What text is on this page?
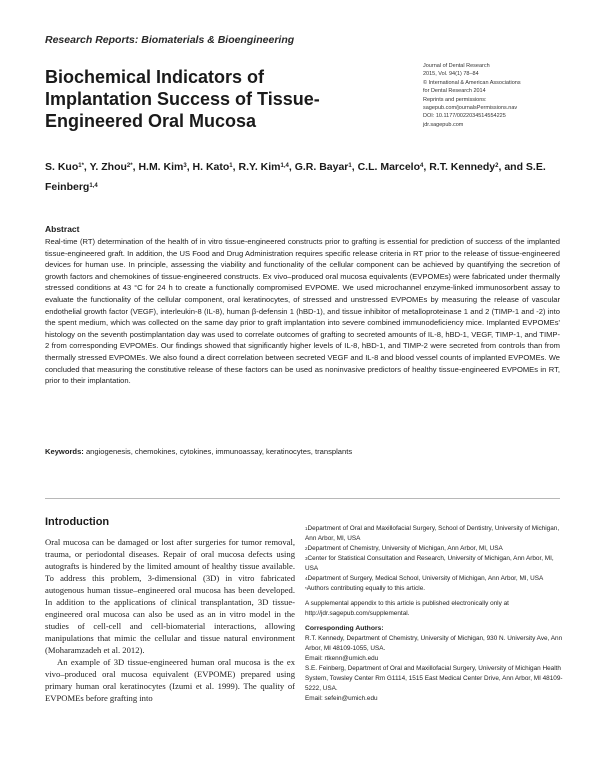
Research Reports: Biomaterials & Bioengineering
Biochemical Indicators of Implantation Success of Tissue-Engineered Oral Mucosa
Journal of Dental Research
2015, Vol. 94(1) 78–84
© International & American Associations
for Dental Research 2014
Reprints and permissions:
sagepub.com/journalsPermissions.nav
DOI: 10.1177/0022034514554225
jdr.sagepub.com

S. Kuo$^{1*}$, Y. Zhou$^{2*}$, H.M. Kim$^3$, H. Kato$^1$, R.Y. Kim$^{1,4}$, G.R. Bayar$^1$, C.L. Marcelo$^4$, R.T. Kennedy$^2$, and S.E. Feinberg$^{1,4}$

Abstract

Real-time (RT) determination of the health of in vitro tissue-engineered constructs prior to grafting is essential for prediction of success of the implanted tissue-engineered graft. In addition, the US Food and Drug Administration requires specific release criteria in RT prior to the release of tissue-engineered devices for human use. In principle, assessing the viability and functionality of the cellular component can be achieved by quantifying the secretion of growth factors and chemokines of tissue-engineered constructs. Ex vivo–produced oral mucosa equivalents (EVPOMEs) were fabricated under thermally stressed conditions at 43 °C for 24 h to create a functionally compromised EVPOME. We used microchannel enzyme-linked immunosorbent assay to evaluate the functionality of the cellular component, oral keratinocytes, of stressed and unstressed EVPOMEs by measuring the release of vascular endothelial growth factor (VEGF), interleukin-8 (IL-8), human β-defensin 1 (hBD-1), and tissue inhibitor of metalloproteinase 1 and 2 (TIMP-1 and -2) into the spent medium, which was collected on the same day prior to graft implantation into severe combined immunodeficiency mice. Implanted EVPOMEs' histology on the seventh postimplantation day was used to correlate outcomes of grafting to secreted amounts of IL-8, hBD-1, VEGF, TIMP-1, and TIMP-2 from corresponding EVPOMEs. Our findings showed that significantly higher levels of IL-8, hBD-1, and TIMP-2 were secreted from controls than from thermally stressed EVPOMEs. We also found a direct correlation between secreted VEGF and IL-8 and blood vessel counts of implanted EVPOMEs. We concluded that measuring the constitutive release of these factors can be used as noninvasive predictors of healthy tissue-engineered EVPOMEs in RT, prior to their implantation.

Keywords: angiogenesis, chemokines, cytokines, immunoassay, keratinocytes, transplants
Introduction

Oral mucosa can be damaged or lost after surgeries for tumor removal, trauma, or periodontal diseases. Repair of oral mucosa defects using autografts is hindered by the limited amount of healthy tissue available. To address this problem, 3-dimensional (3D) in vitro fabricated autogenous human tissue–engineered oral mucosa has been developed. In addition to the applications of clinical transplantation, 3D tissue-engineered oral mucosa can also be used as an in vitro model in the studies of cell-cell and cell-biomaterial interactions, allowing manipulations that mimic the cellular and tissue natural environment (Moharamzadeh et al. 2012).

An example of 3D tissue-engineered human oral mucosa is the ex vivo–produced oral mucosa equivalent (EVPOME) prepared using primary human oral keratinocytes (Izumi et al. 1999). The quality of EVPOMEs before grafting into

$^1$Department of Oral and Maxillofacial Surgery, School of Dentistry, University of Michigan, Ann Arbor, MI, USA
$^2$Department of Chemistry, University of Michigan, Ann Arbor, MI, USA
$^3$Center for Statistical Consultation and Research, University of Michigan, Ann Arbor, MI, USA
$^4$Department of Surgery, Medical School, University of Michigan, Ann Arbor, MI, USA
*Authors contributing equally to this article.
A supplemental appendix to this article is published electronically only at http://jdr.sagepub.com/supplemental.
Corresponding Authors:
R.T. Kennedy, Department of Chemistry, University of Michigan, 930 N. University Ave, Ann Arbor, MI 48109-1055, USA.
Email: rtkenn@umich.edu
S.E. Feinberg, Department of Oral and Maxillofacial Surgery, University of Michigan Health System, Towsley Center Rm G1114, 1515 East Medical Center Drive, Ann Arbor, MI 48109-5222, USA.
Email: sefein@umich.edu
